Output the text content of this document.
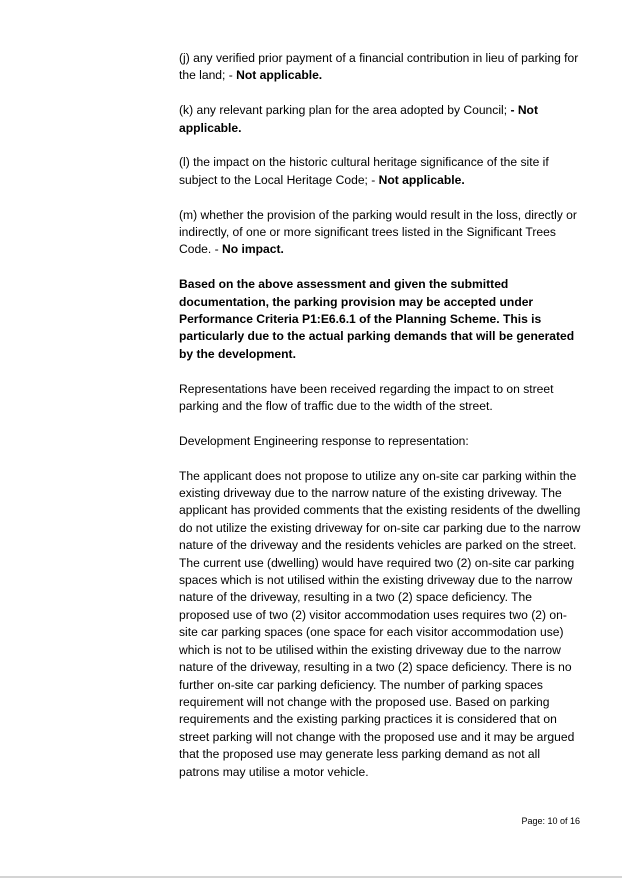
(j) any verified prior payment of a financial contribution in lieu of parking for the land; - Not applicable.

(k) any relevant parking plan for the area adopted by Council; - Not applicable.

(l) the impact on the historic cultural heritage significance of the site if subject to the Local Heritage Code; - Not applicable.

(m) whether the provision of the parking would result in the loss, directly or indirectly, of one or more significant trees listed in the Significant Trees Code. - No impact.

Based on the above assessment and given the submitted documentation, the parking provision may be accepted under Performance Criteria P1:E6.6.1 of the Planning Scheme. This is particularly due to the actual parking demands that will be generated by the development.

Representations have been received regarding the impact to on street parking and the flow of traffic due to the width of the street.

Development Engineering response to representation:

The applicant does not propose to utilize any on-site car parking within the existing driveway due to the narrow nature of the existing driveway. The applicant has provided comments that the existing residents of the dwelling do not utilize the existing driveway for on-site car parking due to the narrow nature of the driveway and the residents vehicles are parked on the street. The current use (dwelling) would have required two (2) on-site car parking spaces which is not utilised within the existing driveway due to the narrow nature of the driveway, resulting in a two (2) space deficiency. The proposed use of two (2) visitor accommodation uses requires two (2) on-site car parking spaces (one space for each visitor accommodation use) which is not to be utilised within the existing driveway due to the narrow nature of the driveway, resulting in a two (2) space deficiency. There is no further on-site car parking deficiency. The number of parking spaces requirement will not change with the proposed use. Based on parking requirements and the existing parking practices it is considered that on street parking will not change with the proposed use and it may be argued that the proposed use may generate less parking demand as not all patrons may utilise a motor vehicle.

Page: 10 of 16
